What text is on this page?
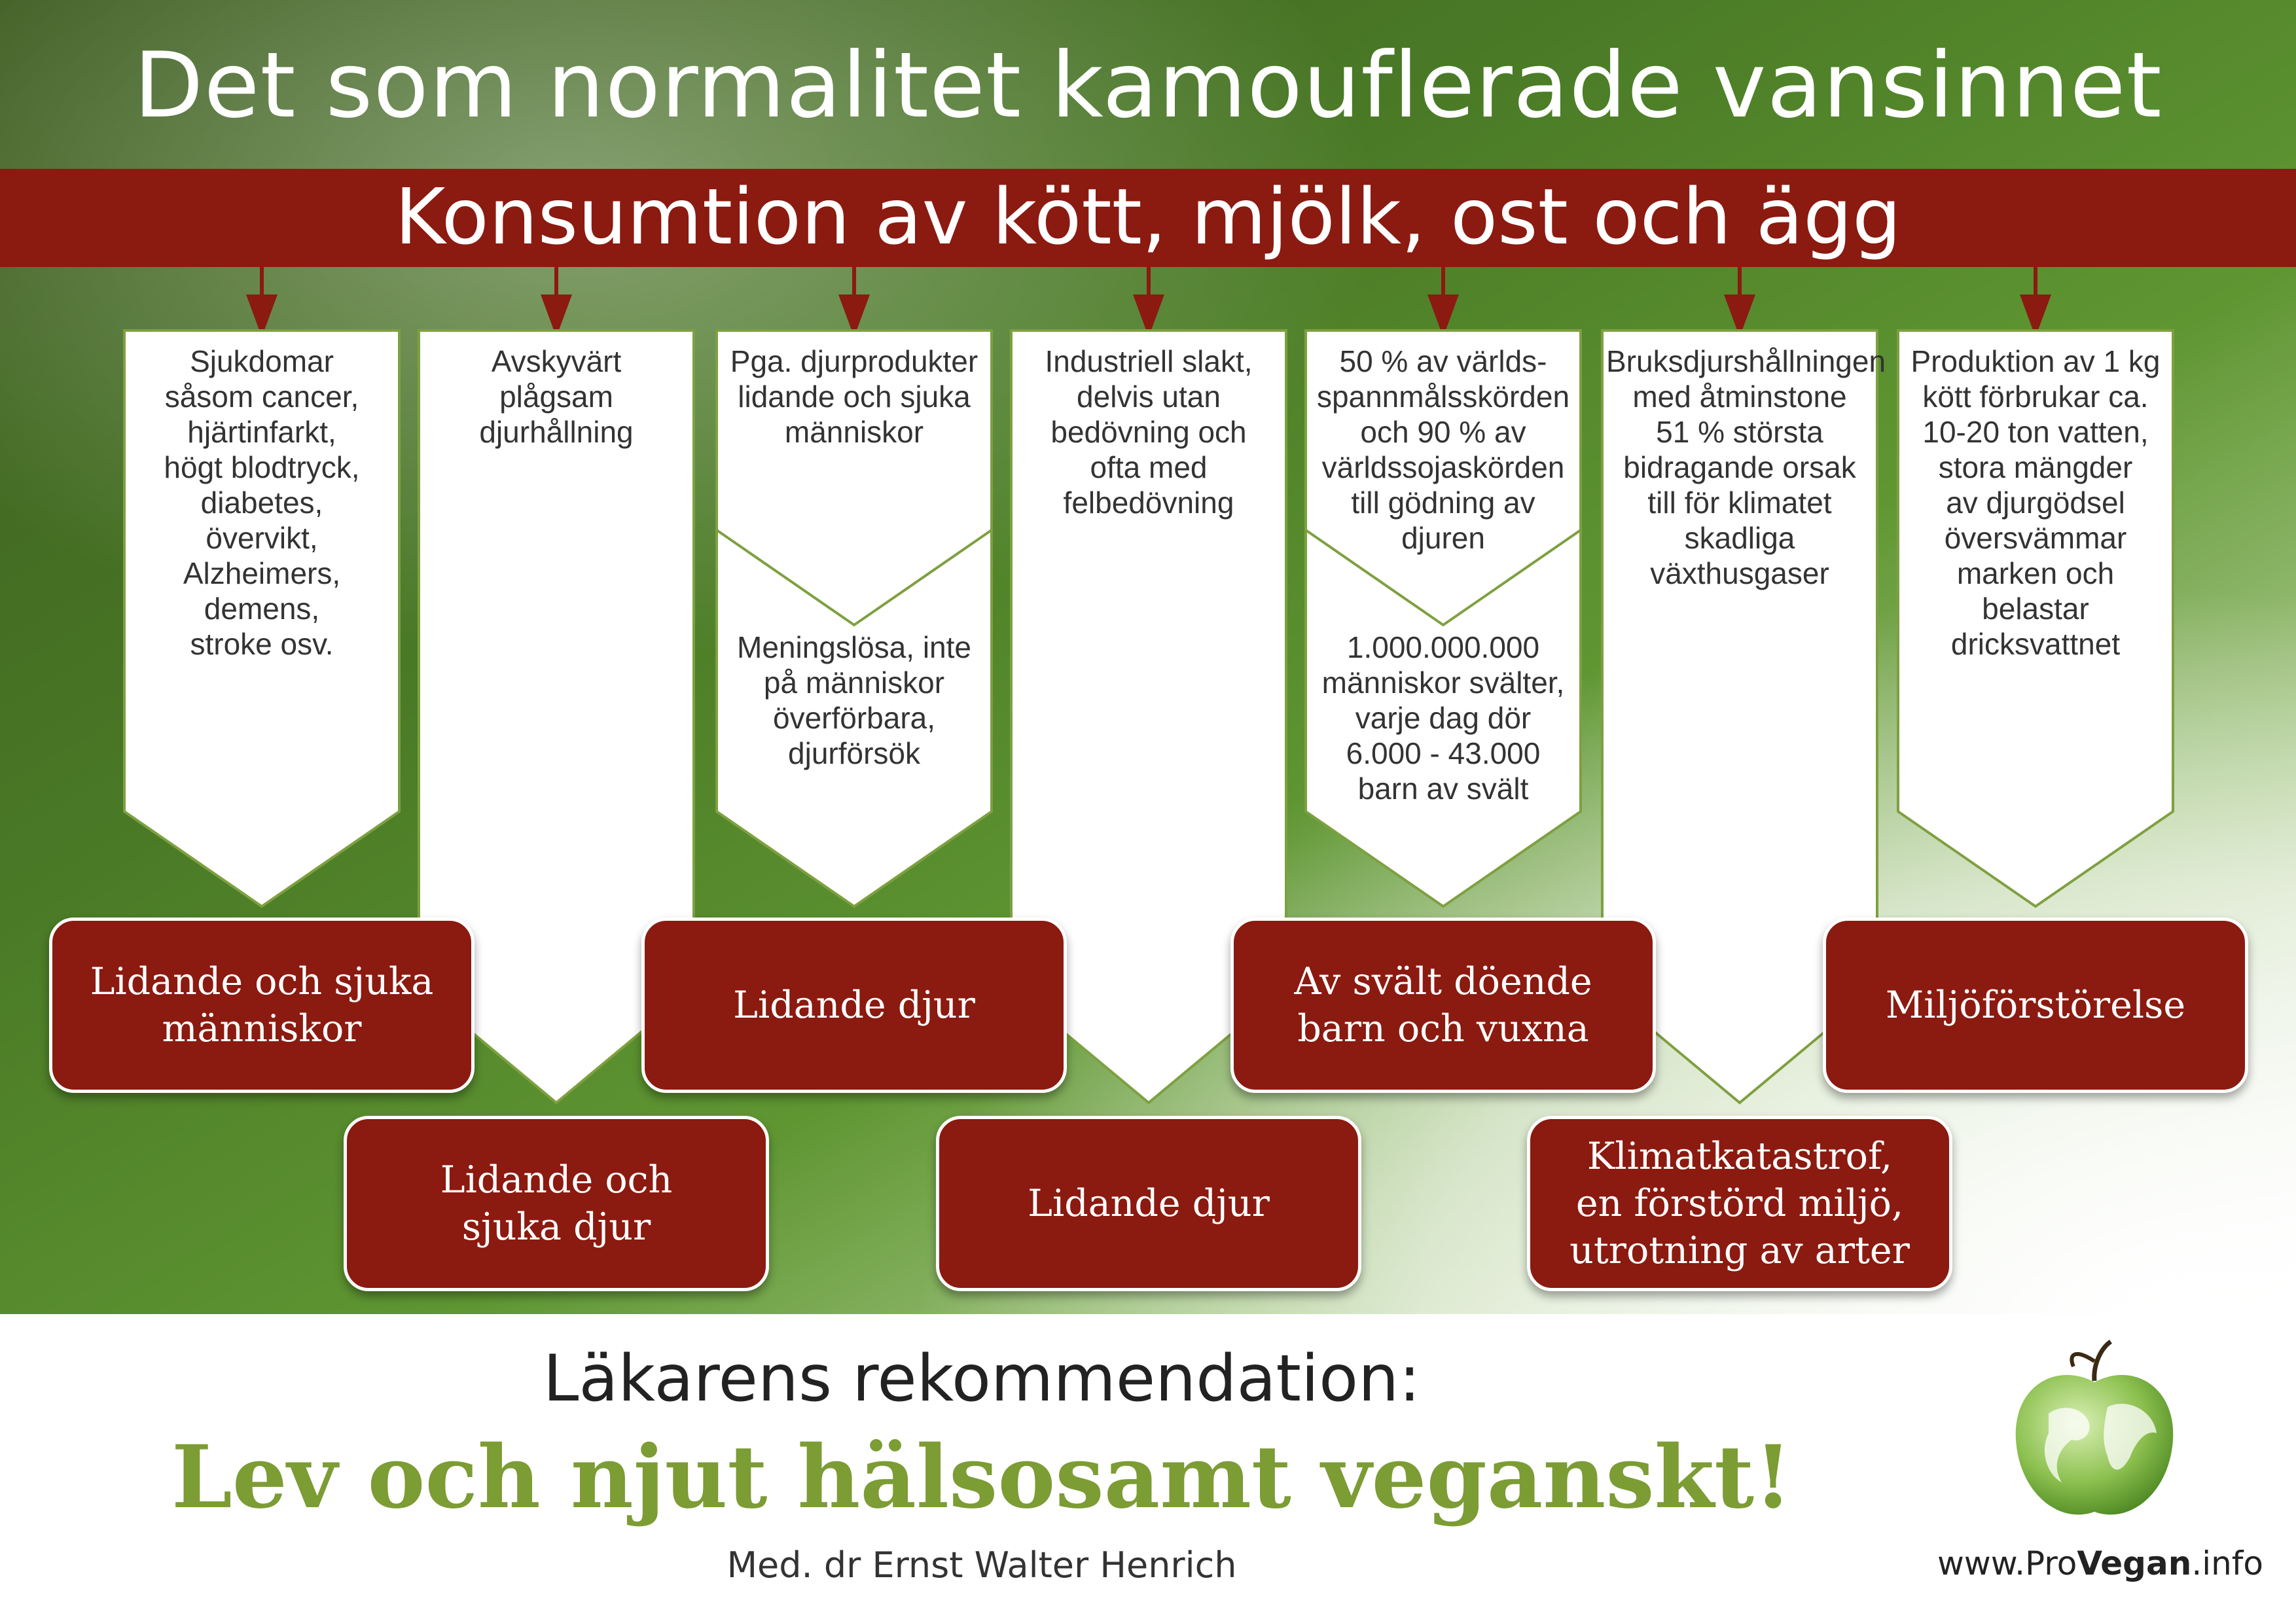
Det som normalitet kamouflerade vansinnet
Konsumtion av kött, mjölk, ost och ägg
Sjukdomar
såsom cancer,
hjärtinfarkt,
högt blodtryck,
diabetes,
övervikt,
Alzheimers,
demens,
stroke osv.
Avskyvärt
plågsam
djurhållning
Pga. djurprodukter
lidande och sjuka
människor
Meningslösa, inte
på människor
överförbara,
djurförsök
Industriell slakt,
delvis utan
bedövning och
ofta med
felbedövning
50 % av världs-
spannmålsskörden
och 90 % av
världssojaskörden
till gödning av
djuren
1.000.000.000
människor svälter,
varje dag dör
6.000 - 43.000
barn av svält
Bruksdjurshållningen
med åtminstone
51 % största
bidragande orsak
till för klimatet
skadliga
växthusgaser
Produktion av 1 kg
kött förbrukar ca.
10-20 ton vatten,
stora mängder
av djurgödsel
översvämmar
marken och
belastar
dricksvattnet
Lidande och sjuka
människor
Lidande och
sjuka djur
Lidande djur
Lidande djur
Av svält döende
barn och vuxna
Klimatkatastrof,
en förstörd miljö,
utrotning av arter
Miljöförstörelse
Läkarens rekommendation:
Lev och njut hälsosamt veganskt!
Med. dr Ernst Walter Henrich	www.ProVegan.info
